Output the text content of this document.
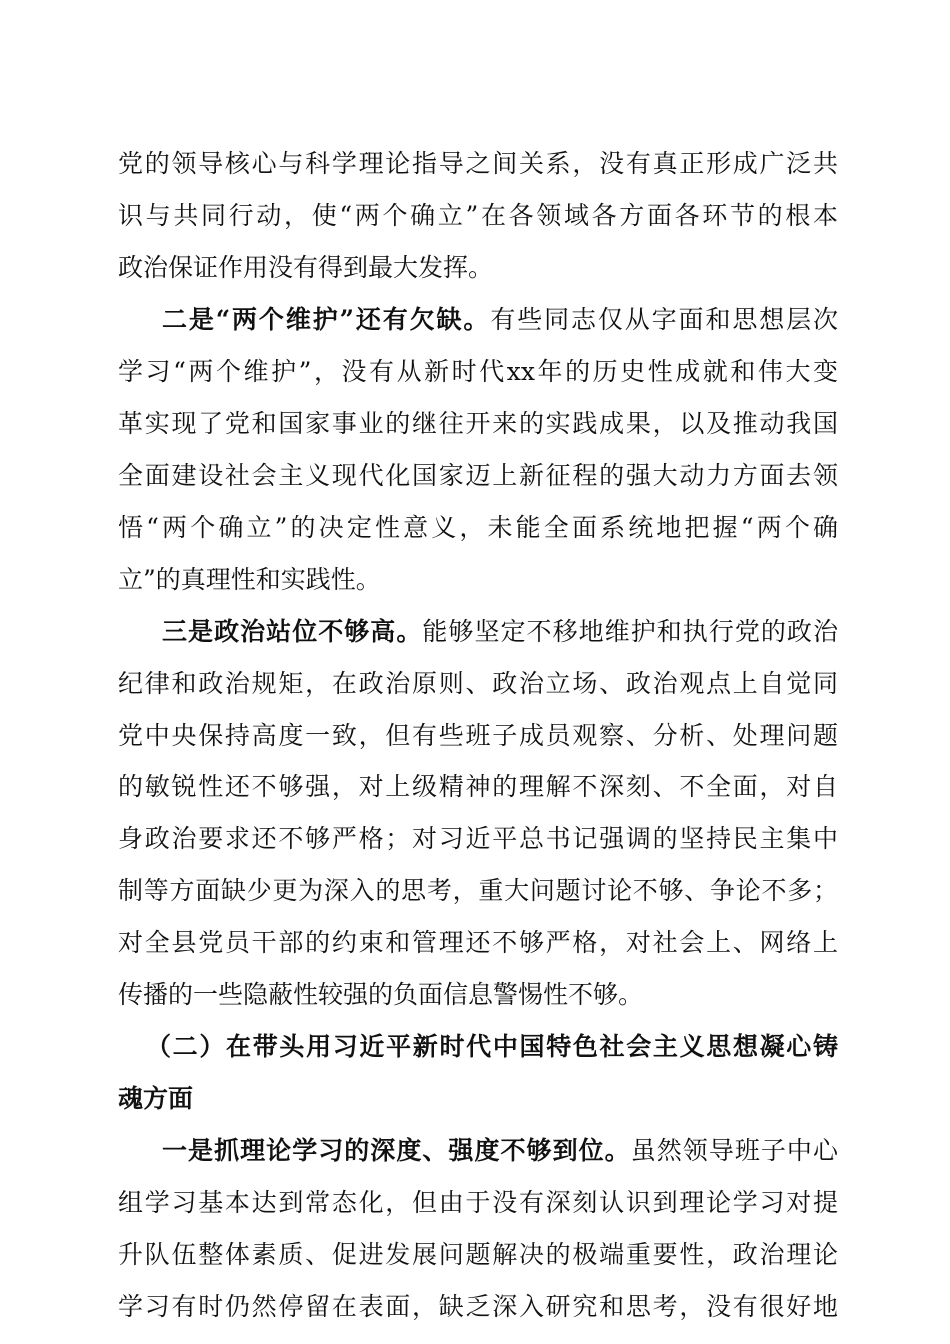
党的领导核心与科学理论指导之间关系，没有真正形成广泛共
识与共同行动，使“两个确立”在各领域各方面各环节的根本
政治保证作用没有得到最大发挥。
二是“两个维护”还有欠缺。有些同志仅从字面和思想层次
学习“两个维护”，没有从新时代xx年的历史性成就和伟大变
革实现了党和国家事业的继往开来的实践成果，以及推动我国
全面建设社会主义现代化国家迈上新征程的强大动力方面去领
悟“两个确立”的决定性意义，未能全面系统地把握“两个确
立”的真理性和实践性。
三是政治站位不够高。能够坚定不移地维护和执行党的政治
纪律和政治规矩，在政治原则、政治立场、政治观点上自觉同
党中央保持高度一致，但有些班子成员观察、分析、处理问题
的敏锐性还不够强，对上级精神的理解不深刻、不全面，对自
身政治要求还不够严格；对习近平总书记强调的坚持民主集中
制等方面缺少更为深入的思考，重大问题讨论不够、争论不多；
对全县党员干部的约束和管理还不够严格，对社会上、网络上
传播的一些隐蔽性较强的负面信息警惕性不够。
（二）在带头用习近平新时代中国特色社会主义思想凝心铸
魂方面
一是抓理论学习的深度、强度不够到位。虽然领导班子中心
组学习基本达到常态化，但由于没有深刻认识到理论学习对提
升队伍整体素质、促进发展问题解决的极端重要性，政治理论
学习有时仍然停留在表面，缺乏深入研究和思考，没有很好地
